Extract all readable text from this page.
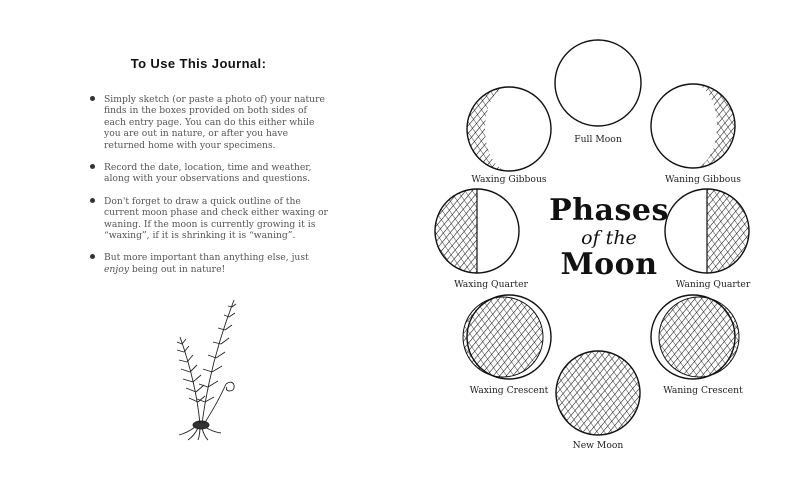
To Use This Journal:
Simply sketch (or paste a photo of) your nature finds in the boxes provided on both sides of each entry page. You can do this either while you are out in nature, or after you have returned home with your specimens.
Record the date, location, time and weather, along with your observations and questions.
Don't forget to draw a quick outline of the current moon phase and check either waxing or waning. If the moon is currently growing it is “waxing”, if it is shrinking it is “waning”.
But more important than anything else, just enjoy being out in nature!
Phases
of the
Moon
Full Moon
Waning Gibbous
Waning Quarter
Waning Crescent
New Moon
Waxing Crescent
Waxing Quarter
Waxing Gibbous
